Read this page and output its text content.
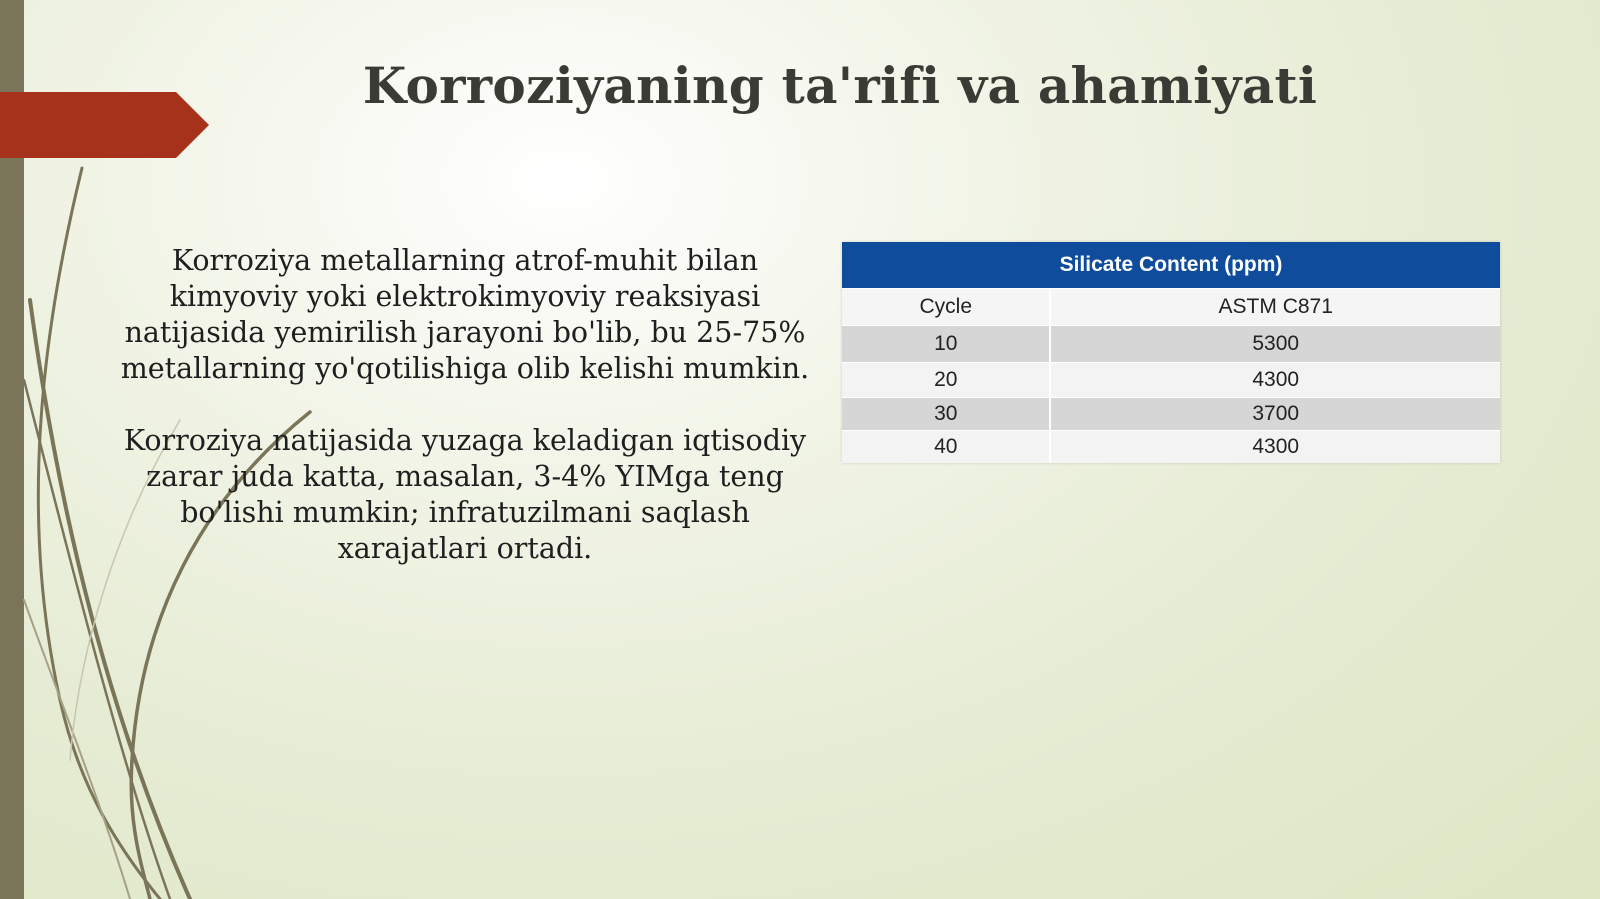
Korroziyaning ta'rifi va ahamiyati

Korroziya metallarning atrof-muhit bilan kimyoviy yoki elektrokimyoviy reaksiyasi natijasida yemirilish jarayoni bo'lib, bu 25-75% metallarning yo'qotilishiga olib kelishi mumkin.

Korroziya natijasida yuzaga keladigan iqtisodiy zarar juda katta, masalan, 3-4% YIMga teng bo'lishi mumkin; infratuzilmani saqlash xarajatlari ortadi.

Silicate Content (ppm)	
Cycle	ASTM C871
10	5300
20	4300
30	3700
40	4300
